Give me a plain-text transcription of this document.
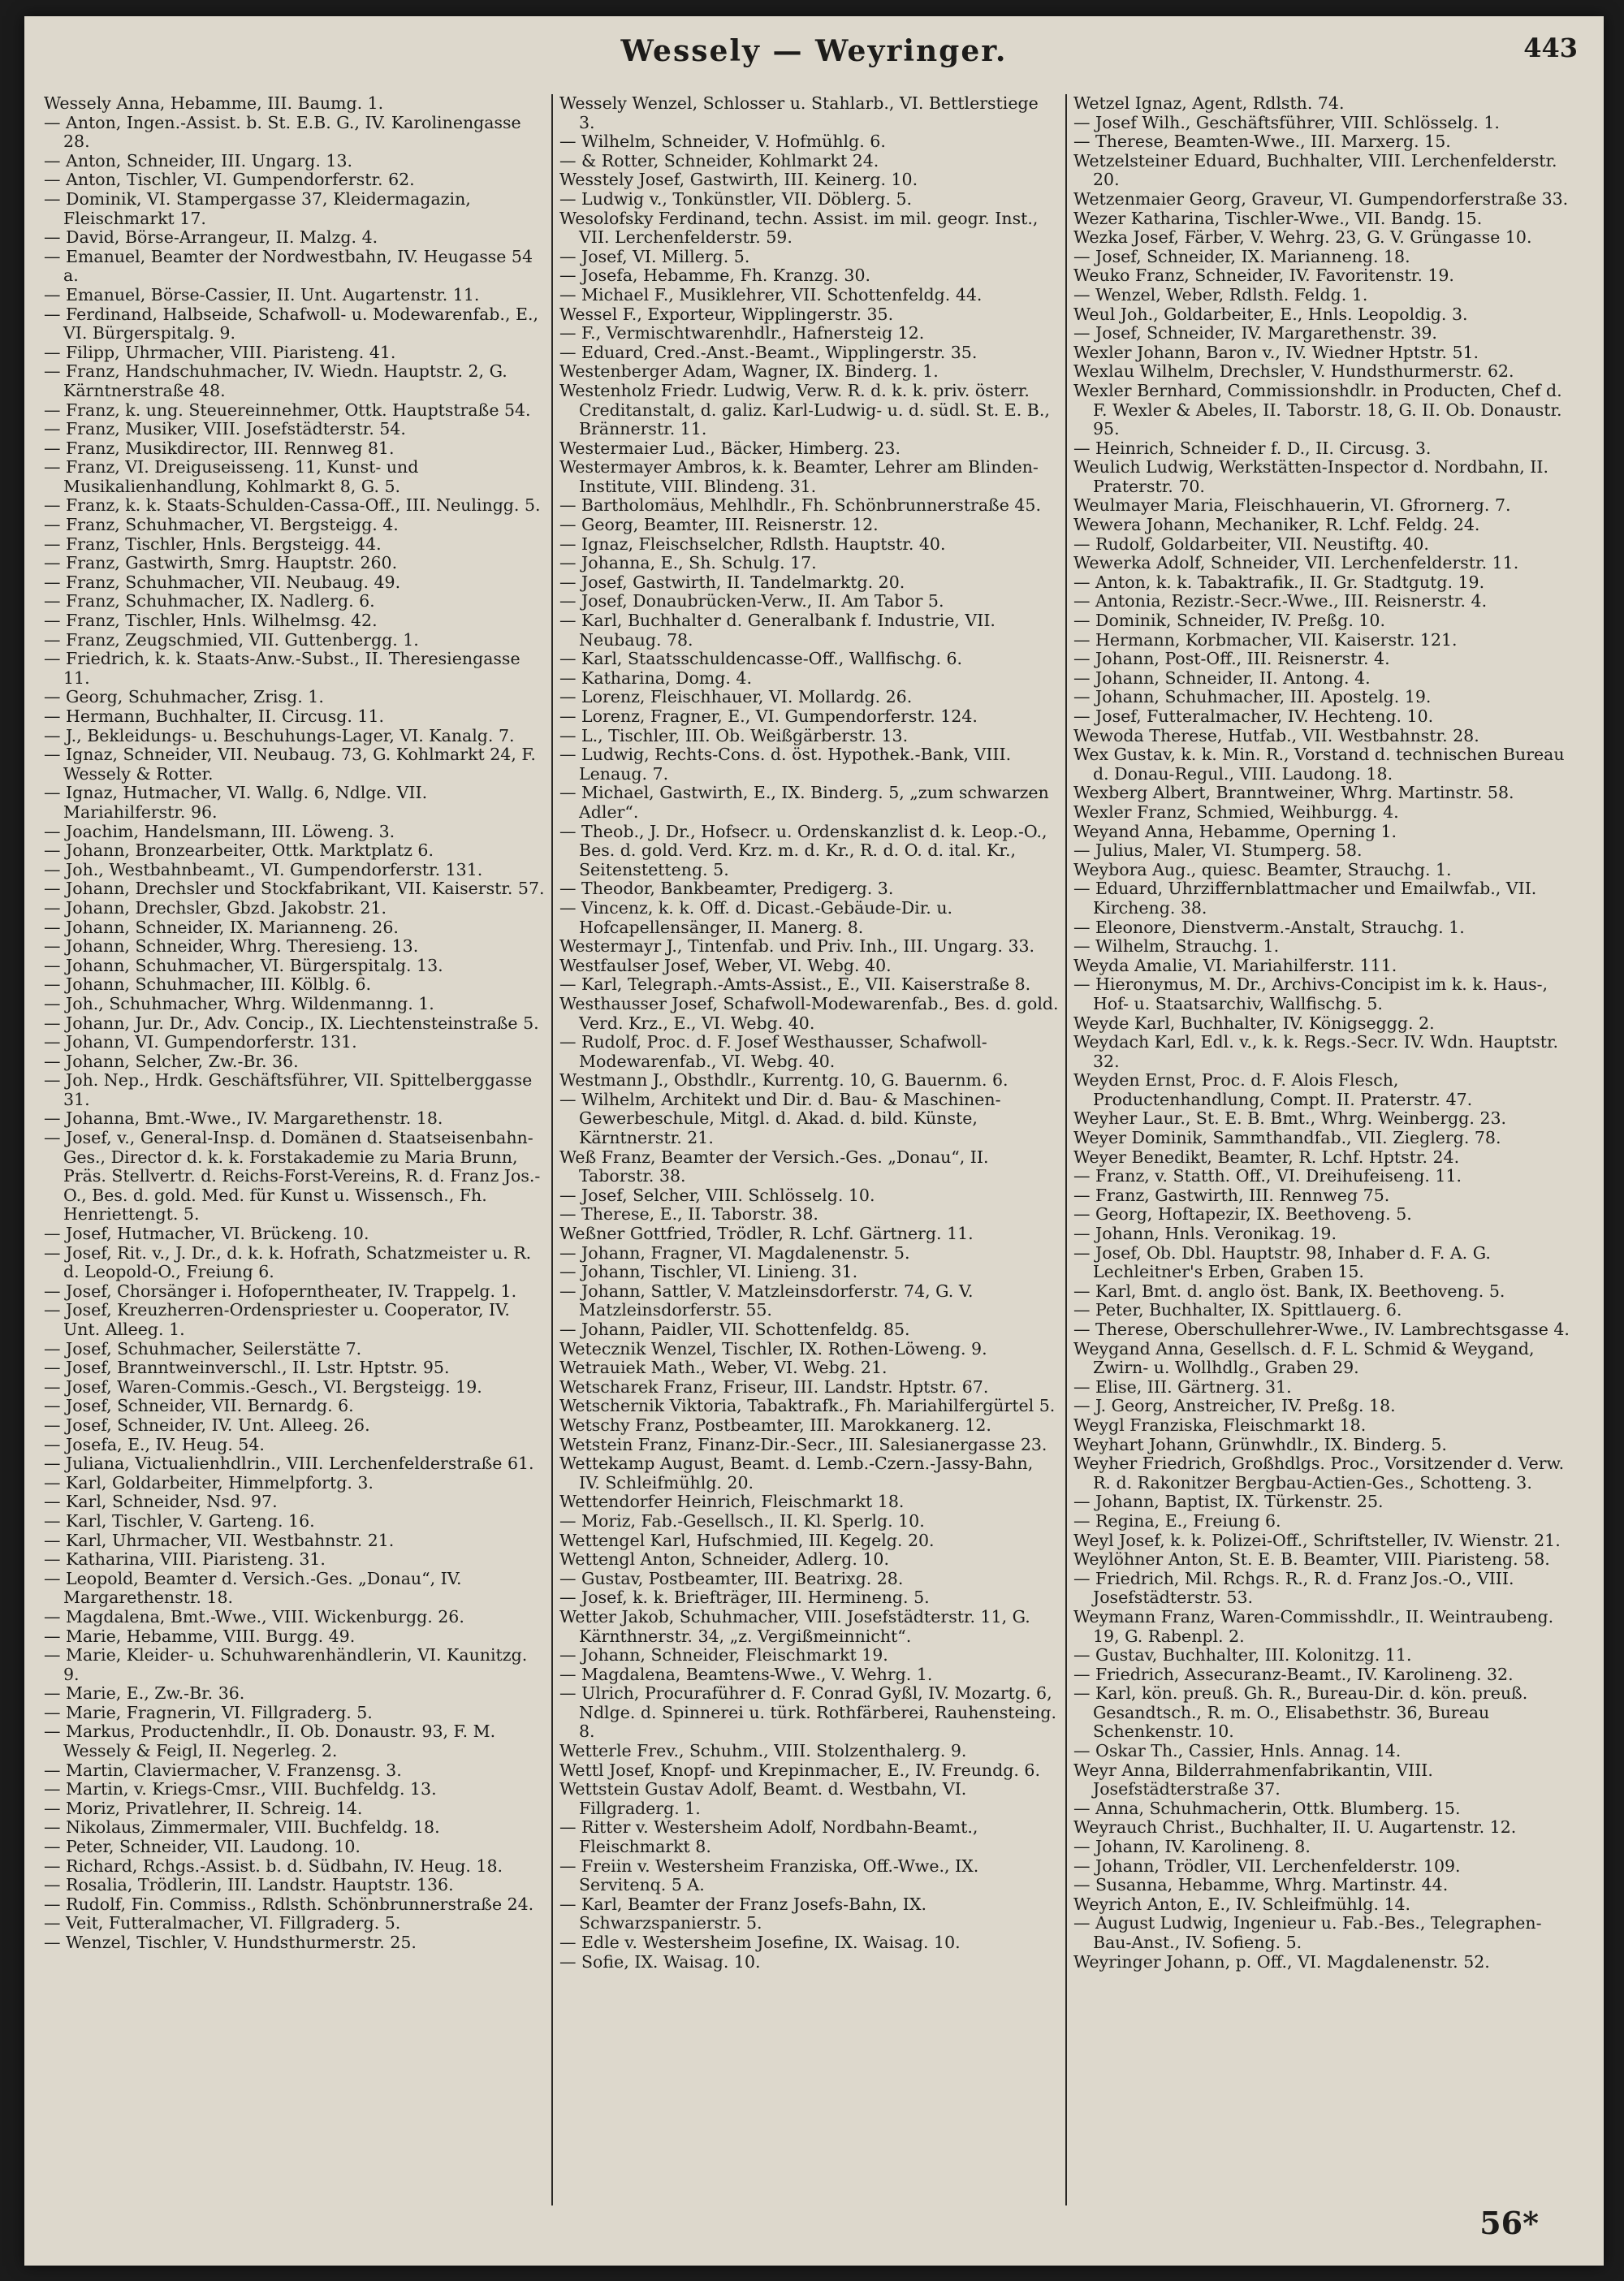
Wessely — Weyringer.	443
Wessely Anna, Hebamme, III. Baumg. 1.
— Anton, Ingen.-Assist. b. St. E.B. G., IV. Karolinengasse 28.
— Anton, Schneider, III. Ungarg. 13.
— Anton, Tischler, VI. Gumpendorferstr. 62.
— Dominik, VI. Stampergasse 37, Kleidermagazin, Fleischmarkt 17.
— David, Börse-Arrangeur, II. Malzg. 4.
— Emanuel, Beamter der Nordwestbahn, IV. Heugasse 54 a.
— Emanuel, Börse-Cassier, II. Unt. Augartenstr. 11.
— Ferdinand, Halbseide, Schafwoll- u. Modewarenfab., E., VI. Bürgerspitalg. 9.
— Filipp, Uhrmacher, VIII. Piaristeng. 41.
— Franz, Handschuhmacher, IV. Wiedn. Hauptstr. 2, G. Kärntnerstraße 48.
— Franz, k. ung. Steuereinnehmer, Ottk. Hauptstraße 54.
— Franz, Musiker, VIII. Josefstädterstr. 54.
— Franz, Musikdirector, III. Rennweg 81.
— Franz, VI. Dreiguseisseng. 11, Kunst- und Musikalienhandlung, Kohlmarkt 8, G. 5.
— Franz, k. k. Staats-Schulden-Cassa-Off., III. Neulingg. 5.
— Franz, Schuhmacher, VI. Bergsteigg. 4.
— Franz, Tischler, Hnls. Bergsteigg. 44.
— Franz, Gastwirth, Smrg. Hauptstr. 260.
— Franz, Schuhmacher, VII. Neubaug. 49.
— Franz, Schuhmacher, IX. Nadlerg. 6.
— Franz, Tischler, Hnls. Wilhelmsg. 42.
— Franz, Zeugschmied, VII. Guttenbergg. 1.
— Friedrich, k. k. Staats-Anw.-Subst., II. Theresiengasse 11.
— Georg, Schuhmacher, Zrisg. 1.
— Hermann, Buchhalter, II. Circusg. 11.
— J., Bekleidungs- u. Beschuhungs-Lager, VI. Kanalg. 7.
— Ignaz, Schneider, VII. Neubaug. 73, G. Kohlmarkt 24, F. Wessely & Rotter.
— Ignaz, Hutmacher, VI. Wallg. 6, Ndlge. VII. Mariahilferstr. 96.
— Joachim, Handelsmann, III. Löweng. 3.
— Johann, Bronzearbeiter, Ottk. Marktplatz 6.
— Joh., Westbahnbeamt., VI. Gumpendorferstr. 131.
— Johann, Drechsler und Stockfabrikant, VII. Kaiserstr. 57.
— Johann, Drechsler, Gbzd. Jakobstr. 21.
— Johann, Schneider, IX. Marianneng. 26.
— Johann, Schneider, Whrg. Theresieng. 13.
— Johann, Schuhmacher, VI. Bürgerspitalg. 13.
— Johann, Schuhmacher, III. Kölblg. 6.
— Joh., Schuhmacher, Whrg. Wildenmanng. 1.
— Johann, Jur. Dr., Adv. Concip., IX. Liechtensteinstraße 5.
— Johann, VI. Gumpendorferstr. 131.
— Johann, Selcher, Zw.-Br. 36.
— Joh. Nep., Hrdk. Geschäftsführer, VII. Spittelberggasse 31.
— Johanna, Bmt.-Wwe., IV. Margarethenstr. 18.
— Josef, v., General-Insp. d. Domänen d. Staatseisenbahn-Ges., Director d. k. k. Forstakademie zu Maria Brunn, Präs. Stellvertr. d. Reichs-Forst-Vereins, R. d. Franz Jos.-O., Bes. d. gold. Med. für Kunst u. Wissensch., Fh. Henriettengt. 5.
— Josef, Hutmacher, VI. Brückeng. 10.
— Josef, Rit. v., J. Dr., d. k. k. Hofrath, Schatzmeister u. R. d. Leopold-O., Freiung 6.
— Josef, Chorsänger i. Hofoperntheater, IV. Trappelg. 1.
— Josef, Kreuzherren-Ordenspriester u. Cooperator, IV. Unt. Alleeg. 1.
— Josef, Schuhmacher, Seilerstätte 7.
— Josef, Branntweinverschl., II. Lstr. Hptstr. 95.
— Josef, Waren-Commis.-Gesch., VI. Bergsteigg. 19.
— Josef, Schneider, VII. Bernardg. 6.
— Josef, Schneider, IV. Unt. Alleeg. 26.
— Josefa, E., IV. Heug. 54.
— Juliana, Victualienhdlrin., VIII. Lerchenfelderstraße 61.
— Karl, Goldarbeiter, Himmelpfortg. 3.
— Karl, Schneider, Nsd. 97.
— Karl, Tischler, V. Garteng. 16.
— Karl, Uhrmacher, VII. Westbahnstr. 21.
— Katharina, VIII. Piaristeng. 31.
— Leopold, Beamter d. Versich.-Ges. „Donau“, IV. Margarethenstr. 18.
— Magdalena, Bmt.-Wwe., VIII. Wickenburgg. 26.
— Marie, Hebamme, VIII. Burgg. 49.
— Marie, Kleider- u. Schuhwarenhändlerin, VI. Kaunitzg. 9.
— Marie, E., Zw.-Br. 36.
— Marie, Fragnerin, VI. Fillgraderg. 5.
— Markus, Productenhdlr., II. Ob. Donaustr. 93, F. M. Wessely & Feigl, II. Negerleg. 2.
— Martin, Claviermacher, V. Franzensg. 3.
— Martin, v. Kriegs-Cmsr., VIII. Buchfeldg. 13.
— Moriz, Privatlehrer, II. Schreig. 14.
— Nikolaus, Zimmermaler, VIII. Buchfeldg. 18.
— Peter, Schneider, VII. Laudong. 10.
— Richard, Rchgs.-Assist. b. d. Südbahn, IV. Heug. 18.
— Rosalia, Trödlerin, III. Landstr. Hauptstr. 136.
— Rudolf, Fin. Commiss., Rdlsth. Schönbrunnerstraße 24.
— Veit, Futteralmacher, VI. Fillgraderg. 5.
— Wenzel, Tischler, V. Hundsthurmerstr. 25.
Wessely Wenzel, Schlosser u. Stahlarb., VI. Bettlerstiege 3.
— Wilhelm, Schneider, V. Hofmühlg. 6.
— & Rotter, Schneider, Kohlmarkt 24.
Wesstely Josef, Gastwirth, III. Keinerg. 10.
— Ludwig v., Tonkünstler, VII. Döblerg. 5.
Wesolofsky Ferdinand, techn. Assist. im mil. geogr. Inst., VII. Lerchenfelderstr. 59.
— Josef, VI. Millerg. 5.
— Josefa, Hebamme, Fh. Kranzg. 30.
— Michael F., Musiklehrer, VII. Schottenfeldg. 44.
Wessel F., Exporteur, Wipplingerstr. 35.
— F., Vermischtwarenhdlr., Hafnersteig 12.
— Eduard, Cred.-Anst.-Beamt., Wipplingerstr. 35.
Westenberger Adam, Wagner, IX. Binderg. 1.
Westenholz Friedr. Ludwig, Verw. R. d. k. k. priv. österr. Creditanstalt, d. galiz. Karl-Ludwig- u. d. südl. St. E. B., Brännerstr. 11.
Westermaier Lud., Bäcker, Himberg. 23.
Westermayer Ambros, k. k. Beamter, Lehrer am Blinden-Institute, VIII. Blindeng. 31.
— Bartholomäus, Mehlhdlr., Fh. Schönbrunnerstraße 45.
— Georg, Beamter, III. Reisnerstr. 12.
— Ignaz, Fleischselcher, Rdlsth. Hauptstr. 40.
— Johanna, E., Sh. Schulg. 17.
— Josef, Gastwirth, II. Tandelmarktg. 20.
— Josef, Donaubrücken-Verw., II. Am Tabor 5.
— Karl, Buchhalter d. Generalbank f. Industrie, VII. Neubaug. 78.
— Karl, Staatsschuldencasse-Off., Wallfischg. 6.
— Katharina, Domg. 4.
— Lorenz, Fleischhauer, VI. Mollardg. 26.
— Lorenz, Fragner, E., VI. Gumpendorferstr. 124.
— L., Tischler, III. Ob. Weißgärberstr. 13.
— Ludwig, Rechts-Cons. d. öst. Hypothek.-Bank, VIII. Lenaug. 7.
— Michael, Gastwirth, E., IX. Binderg. 5, „zum schwarzen Adler“.
— Theob., J. Dr., Hofsecr. u. Ordenskanzlist d. k. Leop.-O., Bes. d. gold. Verd. Krz. m. d. Kr., R. d. O. d. ital. Kr., Seitenstetteng. 5.
— Theodor, Bankbeamter, Predigerg. 3.
— Vincenz, k. k. Off. d. Dicast.-Gebäude-Dir. u. Hofcapellensänger, II. Manerg. 8.
Westermayr J., Tintenfab. und Priv. Inh., III. Ungarg. 33.
Westfaulser Josef, Weber, VI. Webg. 40.
— Karl, Telegraph.-Amts-Assist., E., VII. Kaiserstraße 8.
Westhausser Josef, Schafwoll-Modewarenfab., Bes. d. gold. Verd. Krz., E., VI. Webg. 40.
— Rudolf, Proc. d. F. Josef Westhausser, Schafwoll-Modewarenfab., VI. Webg. 40.
Westmann J., Obsthdlr., Kurrentg. 10, G. Bauernm. 6.
— Wilhelm, Architekt und Dir. d. Bau- & Maschinen-Gewerbeschule, Mitgl. d. Akad. d. bild. Künste, Kärntnerstr. 21.
Weß Franz, Beamter der Versich.-Ges. „Donau“, II. Taborstr. 38.
— Josef, Selcher, VIII. Schlösselg. 10.
— Therese, E., II. Taborstr. 38.
Weßner Gottfried, Trödler, R. Lchf. Gärtnerg. 11.
— Johann, Fragner, VI. Magdalenenstr. 5.
— Johann, Tischler, VI. Linieng. 31.
— Johann, Sattler, V. Matzleinsdorferstr. 74, G. V. Matzleinsdorferstr. 55.
— Johann, Paidler, VII. Schottenfeldg. 85.
Wetecznik Wenzel, Tischler, IX. Rothen-Löweng. 9.
Wetrauiek Math., Weber, VI. Webg. 21.
Wetscharek Franz, Friseur, III. Landstr. Hptstr. 67.
Wetschernik Viktoria, Tabaktrafk., Fh. Mariahilfergürtel 5.
Wetschy Franz, Postbeamter, III. Marokkanerg. 12.
Wetstein Franz, Finanz-Dir.-Secr., III. Salesianergasse 23.
Wettekamp August, Beamt. d. Lemb.-Czern.-Jassy-Bahn, IV. Schleifmühlg. 20.
Wettendorfer Heinrich, Fleischmarkt 18.
— Moriz, Fab.-Gesellsch., II. Kl. Sperlg. 10.
Wettengel Karl, Hufschmied, III. Kegelg. 20.
Wettengl Anton, Schneider, Adlerg. 10.
— Gustav, Postbeamter, III. Beatrixg. 28.
— Josef, k. k. Briefträger, III. Hermineng. 5.
Wetter Jakob, Schuhmacher, VIII. Josefstädterstr. 11, G. Kärnthnerstr. 34, „z. Vergißmeinnicht“.
— Johann, Schneider, Fleischmarkt 19.
— Magdalena, Beamtens-Wwe., V. Wehrg. 1.
— Ulrich, Procuraführer d. F. Conrad Gyßl, IV. Mozartg. 6, Ndlge. d. Spinnerei u. türk. Rothfärberei, Rauhensteing. 8.
Wetterle Frev., Schuhm., VIII. Stolzenthalerg. 9.
Wettl Josef, Knopf- und Krepinmacher, E., IV. Freundg. 6.
Wettstein Gustav Adolf, Beamt. d. Westbahn, VI. Fillgraderg. 1.
— Ritter v. Westersheim Adolf, Nordbahn-Beamt., Fleischmarkt 8.
— Freiin v. Westersheim Franziska, Off.-Wwe., IX. Servitenq. 5 A.
— Karl, Beamter der Franz Josefs-Bahn, IX. Schwarzspanierstr. 5.
— Edle v. Westersheim Josefine, IX. Waisag. 10.
— Sofie, IX. Waisag. 10.
Wetzel Ignaz, Agent, Rdlsth. 74.
— Josef Wilh., Geschäftsführer, VIII. Schlösselg. 1.
— Therese, Beamten-Wwe., III. Marxerg. 15.
Wetzelsteiner Eduard, Buchhalter, VIII. Lerchenfelderstr. 20.
Wetzenmaier Georg, Graveur, VI. Gumpendorferstraße 33.
Wezer Katharina, Tischler-Wwe., VII. Bandg. 15.
Wezka Josef, Färber, V. Wehrg. 23, G. V. Grüngasse 10.
— Josef, Schneider, IX. Marianneng. 18.
Weuko Franz, Schneider, IV. Favoritenstr. 19.
— Wenzel, Weber, Rdlsth. Feldg. 1.
Weul Joh., Goldarbeiter, E., Hnls. Leopoldig. 3.
— Josef, Schneider, IV. Margarethenstr. 39.
Wexler Johann, Baron v., IV. Wiedner Hptstr. 51.
Wexlau Wilhelm, Drechsler, V. Hundsthurmerstr. 62.
Wexler Bernhard, Commissionshdlr. in Producten, Chef d. F. Wexler & Abeles, II. Taborstr. 18, G. II. Ob. Donaustr. 95.
— Heinrich, Schneider f. D., II. Circusg. 3.
Weulich Ludwig, Werkstätten-Inspector d. Nordbahn, II. Praterstr. 70.
Weulmayer Maria, Fleischhauerin, VI. Gfrornerg. 7.
Wewera Johann, Mechaniker, R. Lchf. Feldg. 24.
— Rudolf, Goldarbeiter, VII. Neustiftg. 40.
Wewerka Adolf, Schneider, VII. Lerchenfelderstr. 11.
— Anton, k. k. Tabaktrafik., II. Gr. Stadtgutg. 19.
— Antonia, Rezistr.-Secr.-Wwe., III. Reisnerstr. 4.
— Dominik, Schneider, IV. Preßg. 10.
— Hermann, Korbmacher, VII. Kaiserstr. 121.
— Johann, Post-Off., III. Reisnerstr. 4.
— Johann, Schneider, II. Antong. 4.
— Johann, Schuhmacher, III. Apostelg. 19.
— Josef, Futteralmacher, IV. Hechteng. 10.
Wewoda Therese, Hutfab., VII. Westbahnstr. 28.
Wex Gustav, k. k. Min. R., Vorstand d. technischen Bureau d. Donau-Regul., VIII. Laudong. 18.
Wexberg Albert, Branntweiner, Whrg. Martinstr. 58.
Wexler Franz, Schmied, Weihburgg. 4.
Weyand Anna, Hebamme, Operning 1.
— Julius, Maler, VI. Stumperg. 58.
Weybora Aug., quiesc. Beamter, Strauchg. 1.
— Eduard, Uhrziffernblattmacher und Emailwfab., VII. Kircheng. 38.
— Eleonore, Dienstverm.-Anstalt, Strauchg. 1.
— Wilhelm, Strauchg. 1.
Weyda Amalie, VI. Mariahilferstr. 111.
— Hieronymus, M. Dr., Archivs-Concipist im k. k. Haus-, Hof- u. Staatsarchiv, Wallfischg. 5.
Weyde Karl, Buchhalter, IV. Königseggg. 2.
Weydach Karl, Edl. v., k. k. Regs.-Secr. IV. Wdn. Hauptstr. 32.
Weyden Ernst, Proc. d. F. Alois Flesch, Productenhandlung, Compt. II. Praterstr. 47.
Weyher Laur., St. E. B. Bmt., Whrg. Weinbergg. 23.
Weyer Dominik, Sammthandfab., VII. Zieglerg. 78.
Weyer Benedikt, Beamter, R. Lchf. Hptstr. 24.
— Franz, v. Statth. Off., VI. Dreihufeiseng. 11.
— Franz, Gastwirth, III. Rennweg 75.
— Georg, Hoftapezir, IX. Beethoveng. 5.
— Johann, Hnls. Veronikag. 19.
— Josef, Ob. Dbl. Hauptstr. 98, Inhaber d. F. A. G. Lechleitner's Erben, Graben 15.
— Karl, Bmt. d. anglo öst. Bank, IX. Beethoveng. 5.
— Peter, Buchhalter, IX. Spittlauerg. 6.
— Therese, Oberschullehrer-Wwe., IV. Lambrechtsgasse 4.
Weygand Anna, Gesellsch. d. F. L. Schmid & Weygand, Zwirn- u. Wollhdlg., Graben 29.
— Elise, III. Gärtnerg. 31.
— J. Georg, Anstreicher, IV. Preßg. 18.
Weygl Franziska, Fleischmarkt 18.
Weyhart Johann, Grünwhdlr., IX. Binderg. 5.
Weyher Friedrich, Großhdlgs. Proc., Vorsitzender d. Verw. R. d. Rakonitzer Bergbau-Actien-Ges., Schotteng. 3.
— Johann, Baptist, IX. Türkenstr. 25.
— Regina, E., Freiung 6.
Weyl Josef, k. k. Polizei-Off., Schriftsteller, IV. Wienstr. 21.
Weylöhner Anton, St. E. B. Beamter, VIII. Piaristeng. 58.
— Friedrich, Mil. Rchgs. R., R. d. Franz Jos.-O., VIII. Josefstädterstr. 53.
Weymann Franz, Waren-Commisshdlr., II. Weintraubeng. 19, G. Rabenpl. 2.
— Gustav, Buchhalter, III. Kolonitzg. 11.
— Friedrich, Assecuranz-Beamt., IV. Karolineng. 32.
— Karl, kön. preuß. Gh. R., Bureau-Dir. d. kön. preuß. Gesandtsch., R. m. O., Elisabethstr. 36, Bureau Schenkenstr. 10.
— Oskar Th., Cassier, Hnls. Annag. 14.
Weyr Anna, Bilderrahmenfabrikantin, VIII. Josefstädterstraße 37.
— Anna, Schuhmacherin, Ottk. Blumberg. 15.
Weyrauch Christ., Buchhalter, II. U. Augartenstr. 12.
— Johann, IV. Karolineng. 8.
— Johann, Trödler, VII. Lerchenfelderstr. 109.
— Susanna, Hebamme, Whrg. Martinstr. 44.
Weyrich Anton, E., IV. Schleifmühlg. 14.
— August Ludwig, Ingenieur u. Fab.-Bes., Telegraphen-Bau-Anst., IV. Sofieng. 5.
Weyringer Johann, p. Off., VI. Magdalenenstr. 52.
56*
